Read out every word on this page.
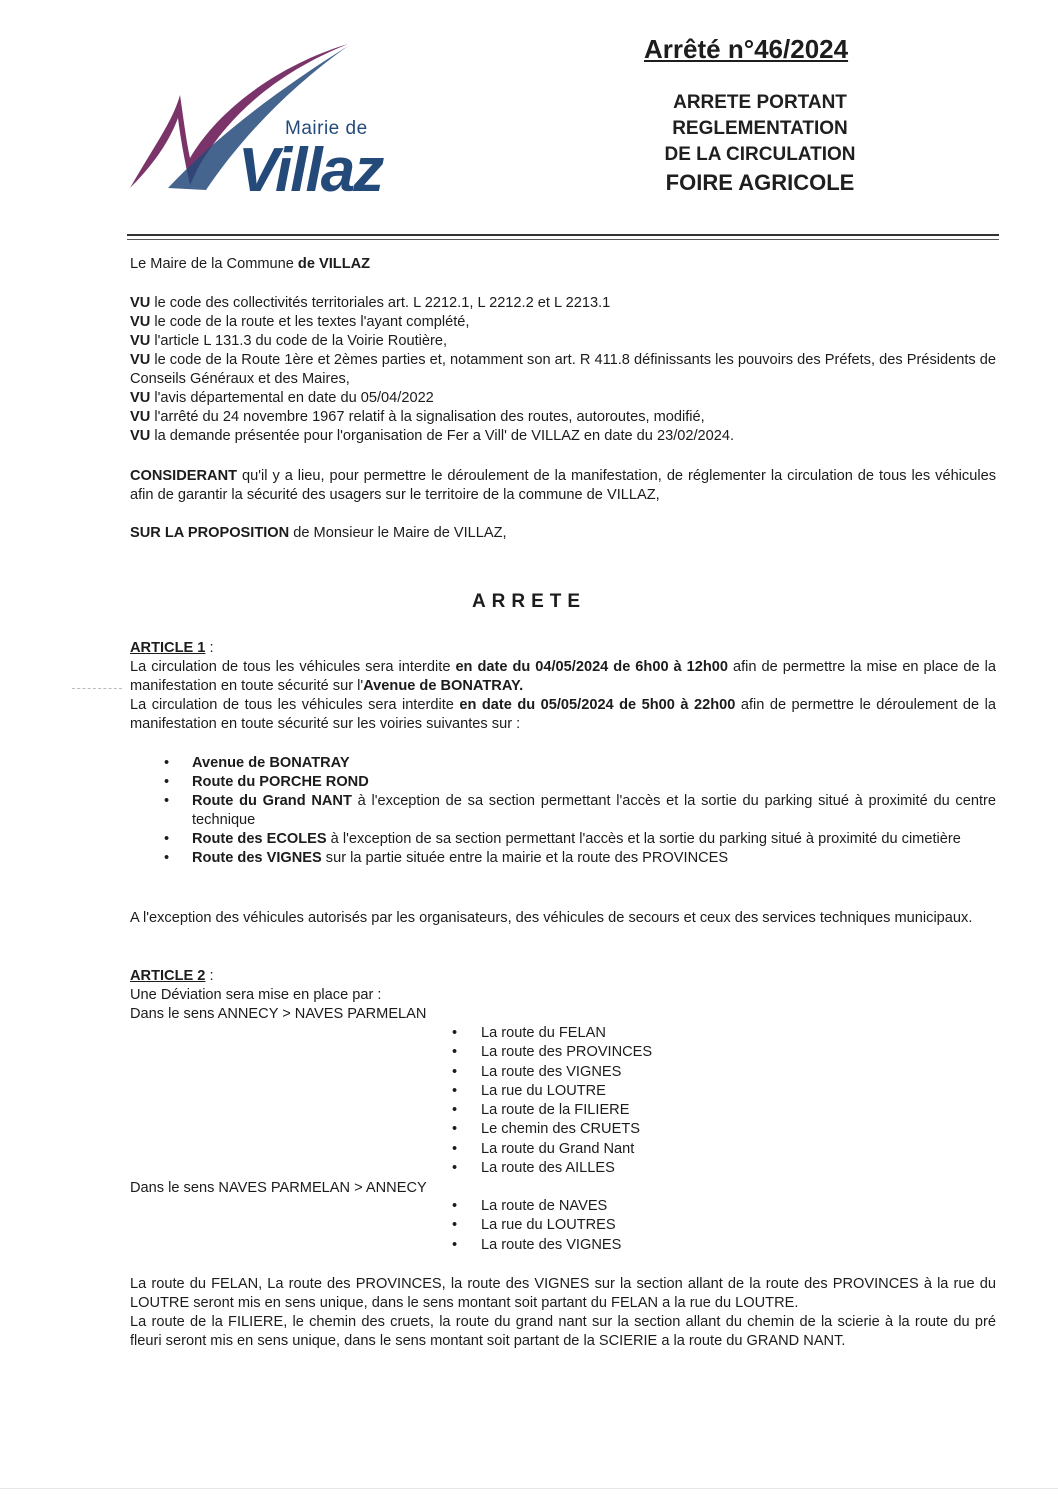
Mairie de
Villaz
Arrêté n°46/2024
ARRETE PORTANT
REGLEMENTATION
DE LA CIRCULATION
FOIRE AGRICOLE
Le Maire de la Commune de VILLAZ
VU le code des collectivités territoriales art. L 2212.1, L 2212.2 et L 2213.1
VU le code de la route et les textes l'ayant complété,
VU l'article L 131.3 du code de la Voirie Routière,
VU le code de la Route 1ère et 2èmes parties et, notamment son art. R 411.8 définissants les pouvoirs des Préfets, des Présidents de Conseils Généraux et des Maires,
VU l'avis départemental en date du 05/04/2022
VU l'arrêté du 24 novembre 1967 relatif à la signalisation des routes, autoroutes, modifié,
VU la demande présentée pour l'organisation de Fer a Vill' de VILLAZ en date du 23/02/2024.
CONSIDERANT qu'il y a lieu, pour permettre le déroulement de la manifestation, de réglementer la circulation de tous les véhicules afin de garantir la sécurité des usagers sur le territoire de la commune de VILLAZ,
SUR LA PROPOSITION de Monsieur le Maire de VILLAZ,
ARRETE
ARTICLE 1 :
La circulation de tous les véhicules sera interdite en date du 04/05/2024 de 6h00 à 12h00 afin de permettre la mise en place de la manifestation en toute sécurité sur l'Avenue de BONATRAY.
La circulation de tous les véhicules sera interdite en date du 05/05/2024 de 5h00 à 22h00 afin de permettre le déroulement de la manifestation en toute sécurité sur les voiries suivantes sur :
• Avenue de BONATRAY
• Route du PORCHE ROND
• Route du Grand NANT à l'exception de sa section permettant l'accès et la sortie du parking situé à proximité du centre technique
• Route des ECOLES à l'exception de sa section permettant l'accès et la sortie du parking situé à proximité du cimetière
• Route des VIGNES sur la partie située entre la mairie et la route des PROVINCES
A l'exception des véhicules autorisés par les organisateurs, des véhicules de secours et ceux des services techniques municipaux.
ARTICLE 2 :
Une Déviation sera mise en place par :
Dans le sens ANNECY > NAVES PARMELAN
• La route du FELAN
• La route des PROVINCES
• La route des VIGNES
• La rue du LOUTRE
• La route de la FILIERE
• Le chemin des CRUETS
• La route du Grand Nant
• La route des AILLES
Dans le sens NAVES PARMELAN > ANNECY
• La route de NAVES
• La rue du LOUTRES
• La route des VIGNES
La route du FELAN, La route des PROVINCES, la route des VIGNES sur la section allant de la route des PROVINCES à la rue du LOUTRE seront mis en sens unique, dans le sens montant soit partant du FELAN a la rue du LOUTRE.
La route de la FILIERE, le chemin des cruets, la route du grand nant sur la section allant du chemin de la scierie à la route du pré fleuri seront mis en sens unique, dans le sens montant soit partant de la SCIERIE a la route du GRAND NANT.
